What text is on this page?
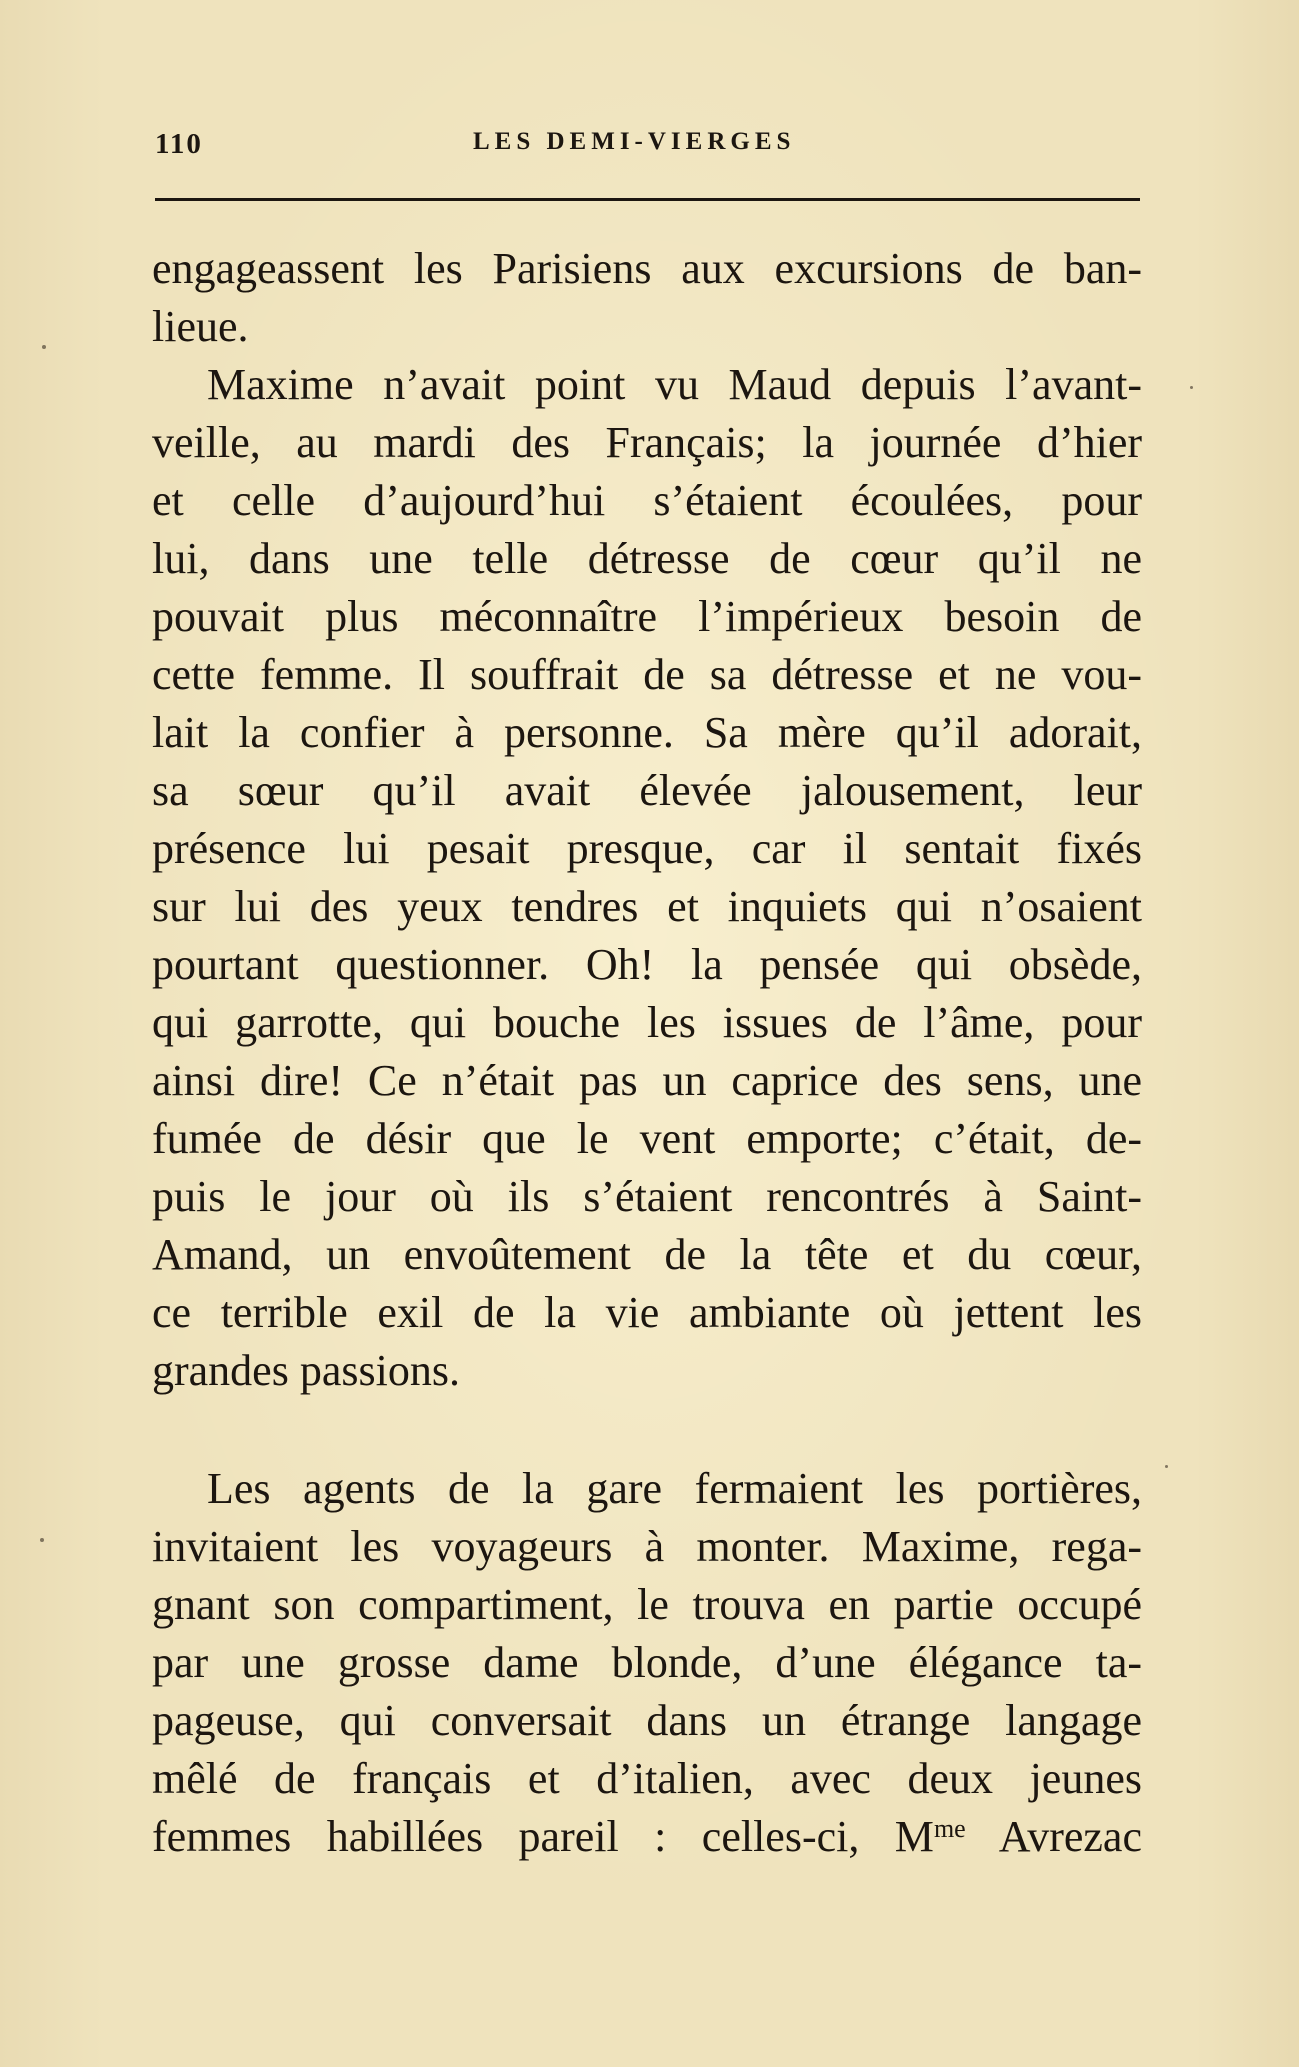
110	LES DEMI-VIERGES
engageassent les Parisiens aux excursions de ban-
lieue.
Maxime n’avait point vu Maud depuis l’avant-
veille, au mardi des Français; la journée d’hier
et celle d’aujourd’hui s’étaient écoulées, pour
lui, dans une telle détresse de cœur qu’il ne
pouvait plus méconnaître l’impérieux besoin de
cette femme. Il souffrait de sa détresse et ne vou-
lait la confier à personne. Sa mère qu’il adorait,
sa sœur qu’il avait élevée jalousement, leur
présence lui pesait presque, car il sentait fixés
sur lui des yeux tendres et inquiets qui n’osaient
pourtant questionner. Oh! la pensée qui obsède,
qui garrotte, qui bouche les issues de l’âme, pour
ainsi dire! Ce n’était pas un caprice des sens, une
fumée de désir que le vent emporte; c’était, de-
puis le jour où ils s’étaient rencontrés à Saint-
Amand, un envoûtement de la tête et du cœur,
ce terrible exil de la vie ambiante où jettent les
grandes passions.
Les agents de la gare fermaient les portières,
invitaient les voyageurs à monter. Maxime, rega-
gnant son compartiment, le trouva en partie occupé
par une grosse dame blonde, d’une élégance ta-
pageuse, qui conversait dans un étrange langage
mêlé de français et d’italien, avec deux jeunes
femmes habillées pareil : celles-ci, $M^{me}$ Avrezac
